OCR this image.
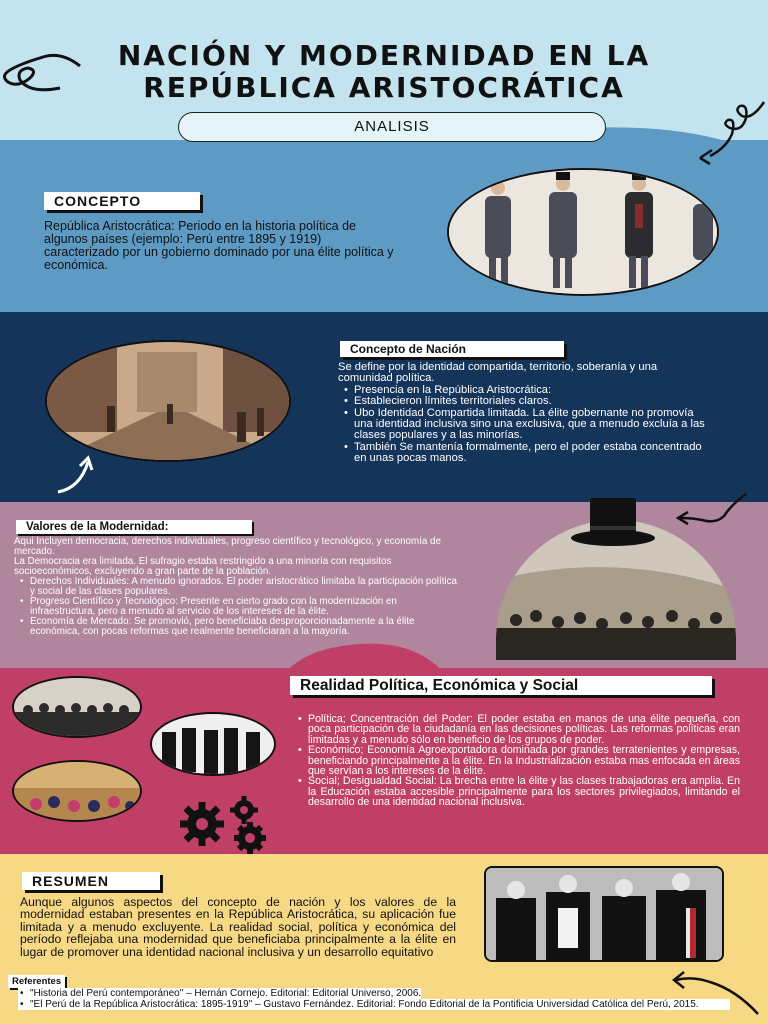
NACIÓN Y MODERNIDAD EN LA
REPÚBLICA ARISTOCRÁTICA
ANALISIS
CONCEPTO
República Aristocrática: Periodo en la historia política de algunos países (ejemplo: Perú entre 1895 y 1919) caracterizado por un gobierno dominado por una élite política y económica.
Concepto de Nación
Se define por la identidad compartida, territorio, soberanía y una comunidad política.
• Presencia en la República Aristocrática:
• Establecieron límites territoriales claros.
• Ubo Identidad Compartida limitada. La élite gobernante no promovía una identidad inclusiva sino una exclusiva, que a menudo excluía a las clases populares y a las minorías.
• También Se mantenía formalmente, pero el poder estaba concentrado en unas pocas manos.
Valores de la Modernidad:
Aqui Incluyen democracia, derechos individuales, progreso científico y tecnológico, y economía de mercado.
La Democracia era limitada. El sufragio estaba restringido a una minoría con requisitos socioeconómicos, excluyendo a gran parte de la población.
• Derechos Individuales: A menudo ignorados. El poder aristocrático limitaba la participación política y social de las clases populares.
• Progreso Científico y Tecnológico: Presente en cierto grado con la modernización en infraestructura, pero a menudo al servicio de los intereses de la élite.
• Economía de Mercado: Se promovió, pero beneficiaba desproporcionadamente a la élite económica, con pocas reformas que realmente beneficiaran a la mayoría.
Realidad Política, Económica y Social
• Política; Concentración del Poder: El poder estaba en manos de una élite pequeña, con poca participación de la ciudadanía en las decisiones políticas. Las reformas políticas eran limitadas y a menudo sólo en beneficio de los grupos de poder.
• Económico; Economía Agroexportadora dominada por grandes terratenientes y empresas, beneficiando principalmente a la élite. En la Industrialización estaba mas enfocada en áreas que servían a los intereses de la élite.
• Social; Desigualdad Social: La brecha entre la élite y las clases trabajadoras era amplia. En la Educación estaba accesible principalmente para los sectores privilegiados, limitando el desarrollo de una identidad nacional inclusiva.
RESUMEN
Aunque algunos aspectos del concepto de nación y los valores de la modernidad estaban presentes en la República Aristocrática, su aplicación fue limitada y a menudo excluyente. La realidad social, política y económica del período reflejaba una modernidad que beneficiaba principalmente a la élite en lugar de promover una identidad nacional inclusiva y un desarrollo equitativo
Referentes
• "Historia del Perú contemporáneo" – Hernán Cornejo. Editorial: Editorial Universo, 2006.
• "El Perú de la República Aristocrática: 1895-1919" – Gustavo Fernández. Editorial: Fondo Editorial de la Pontificia Universidad Católica del Perú, 2015.
